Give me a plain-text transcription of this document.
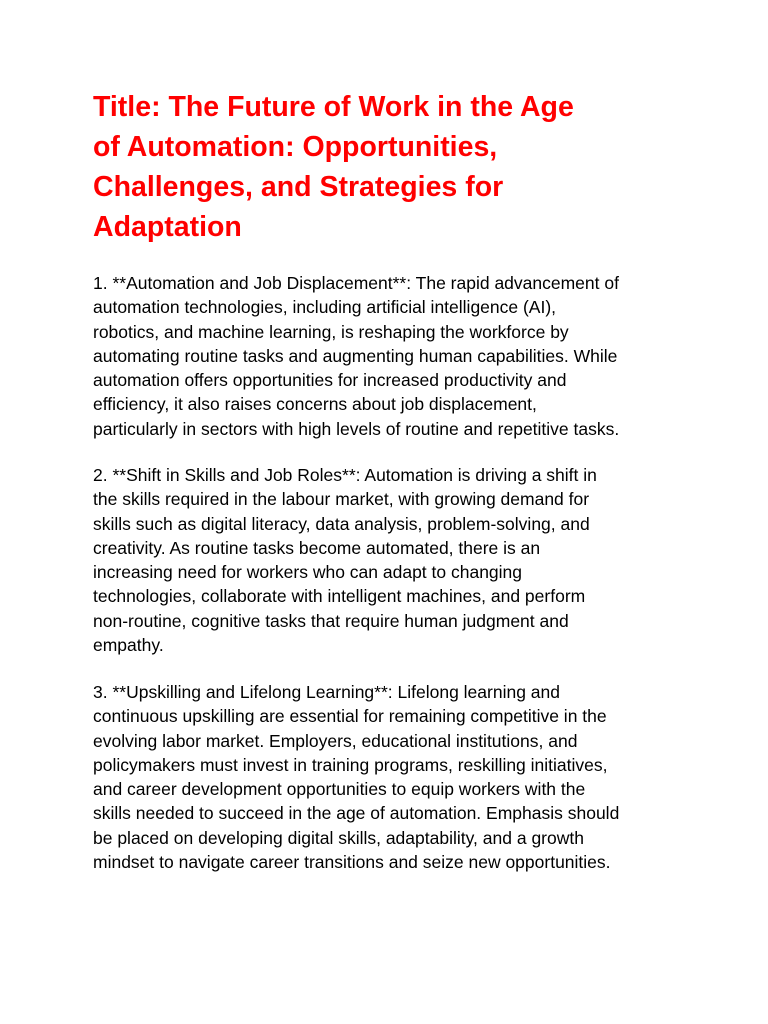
Title: The Future of Work in the Age
of Automation: Opportunities,
Challenges, and Strategies for
Adaptation

1. **Automation and Job Displacement**: The rapid advancement of
automation technologies, including artificial intelligence (AI),
robotics, and machine learning, is reshaping the workforce by
automating routine tasks and augmenting human capabilities. While
automation offers opportunities for increased productivity and
efficiency, it also raises concerns about job displacement,
particularly in sectors with high levels of routine and repetitive tasks.

2. **Shift in Skills and Job Roles**: Automation is driving a shift in
the skills required in the labour market, with growing demand for
skills such as digital literacy, data analysis, problem-solving, and
creativity. As routine tasks become automated, there is an
increasing need for workers who can adapt to changing
technologies, collaborate with intelligent machines, and perform
non-routine, cognitive tasks that require human judgment and
empathy.

3. **Upskilling and Lifelong Learning**: Lifelong learning and
continuous upskilling are essential for remaining competitive in the
evolving labor market. Employers, educational institutions, and
policymakers must invest in training programs, reskilling initiatives,
and career development opportunities to equip workers with the
skills needed to succeed in the age of automation. Emphasis should
be placed on developing digital skills, adaptability, and a growth
mindset to navigate career transitions and seize new opportunities.
